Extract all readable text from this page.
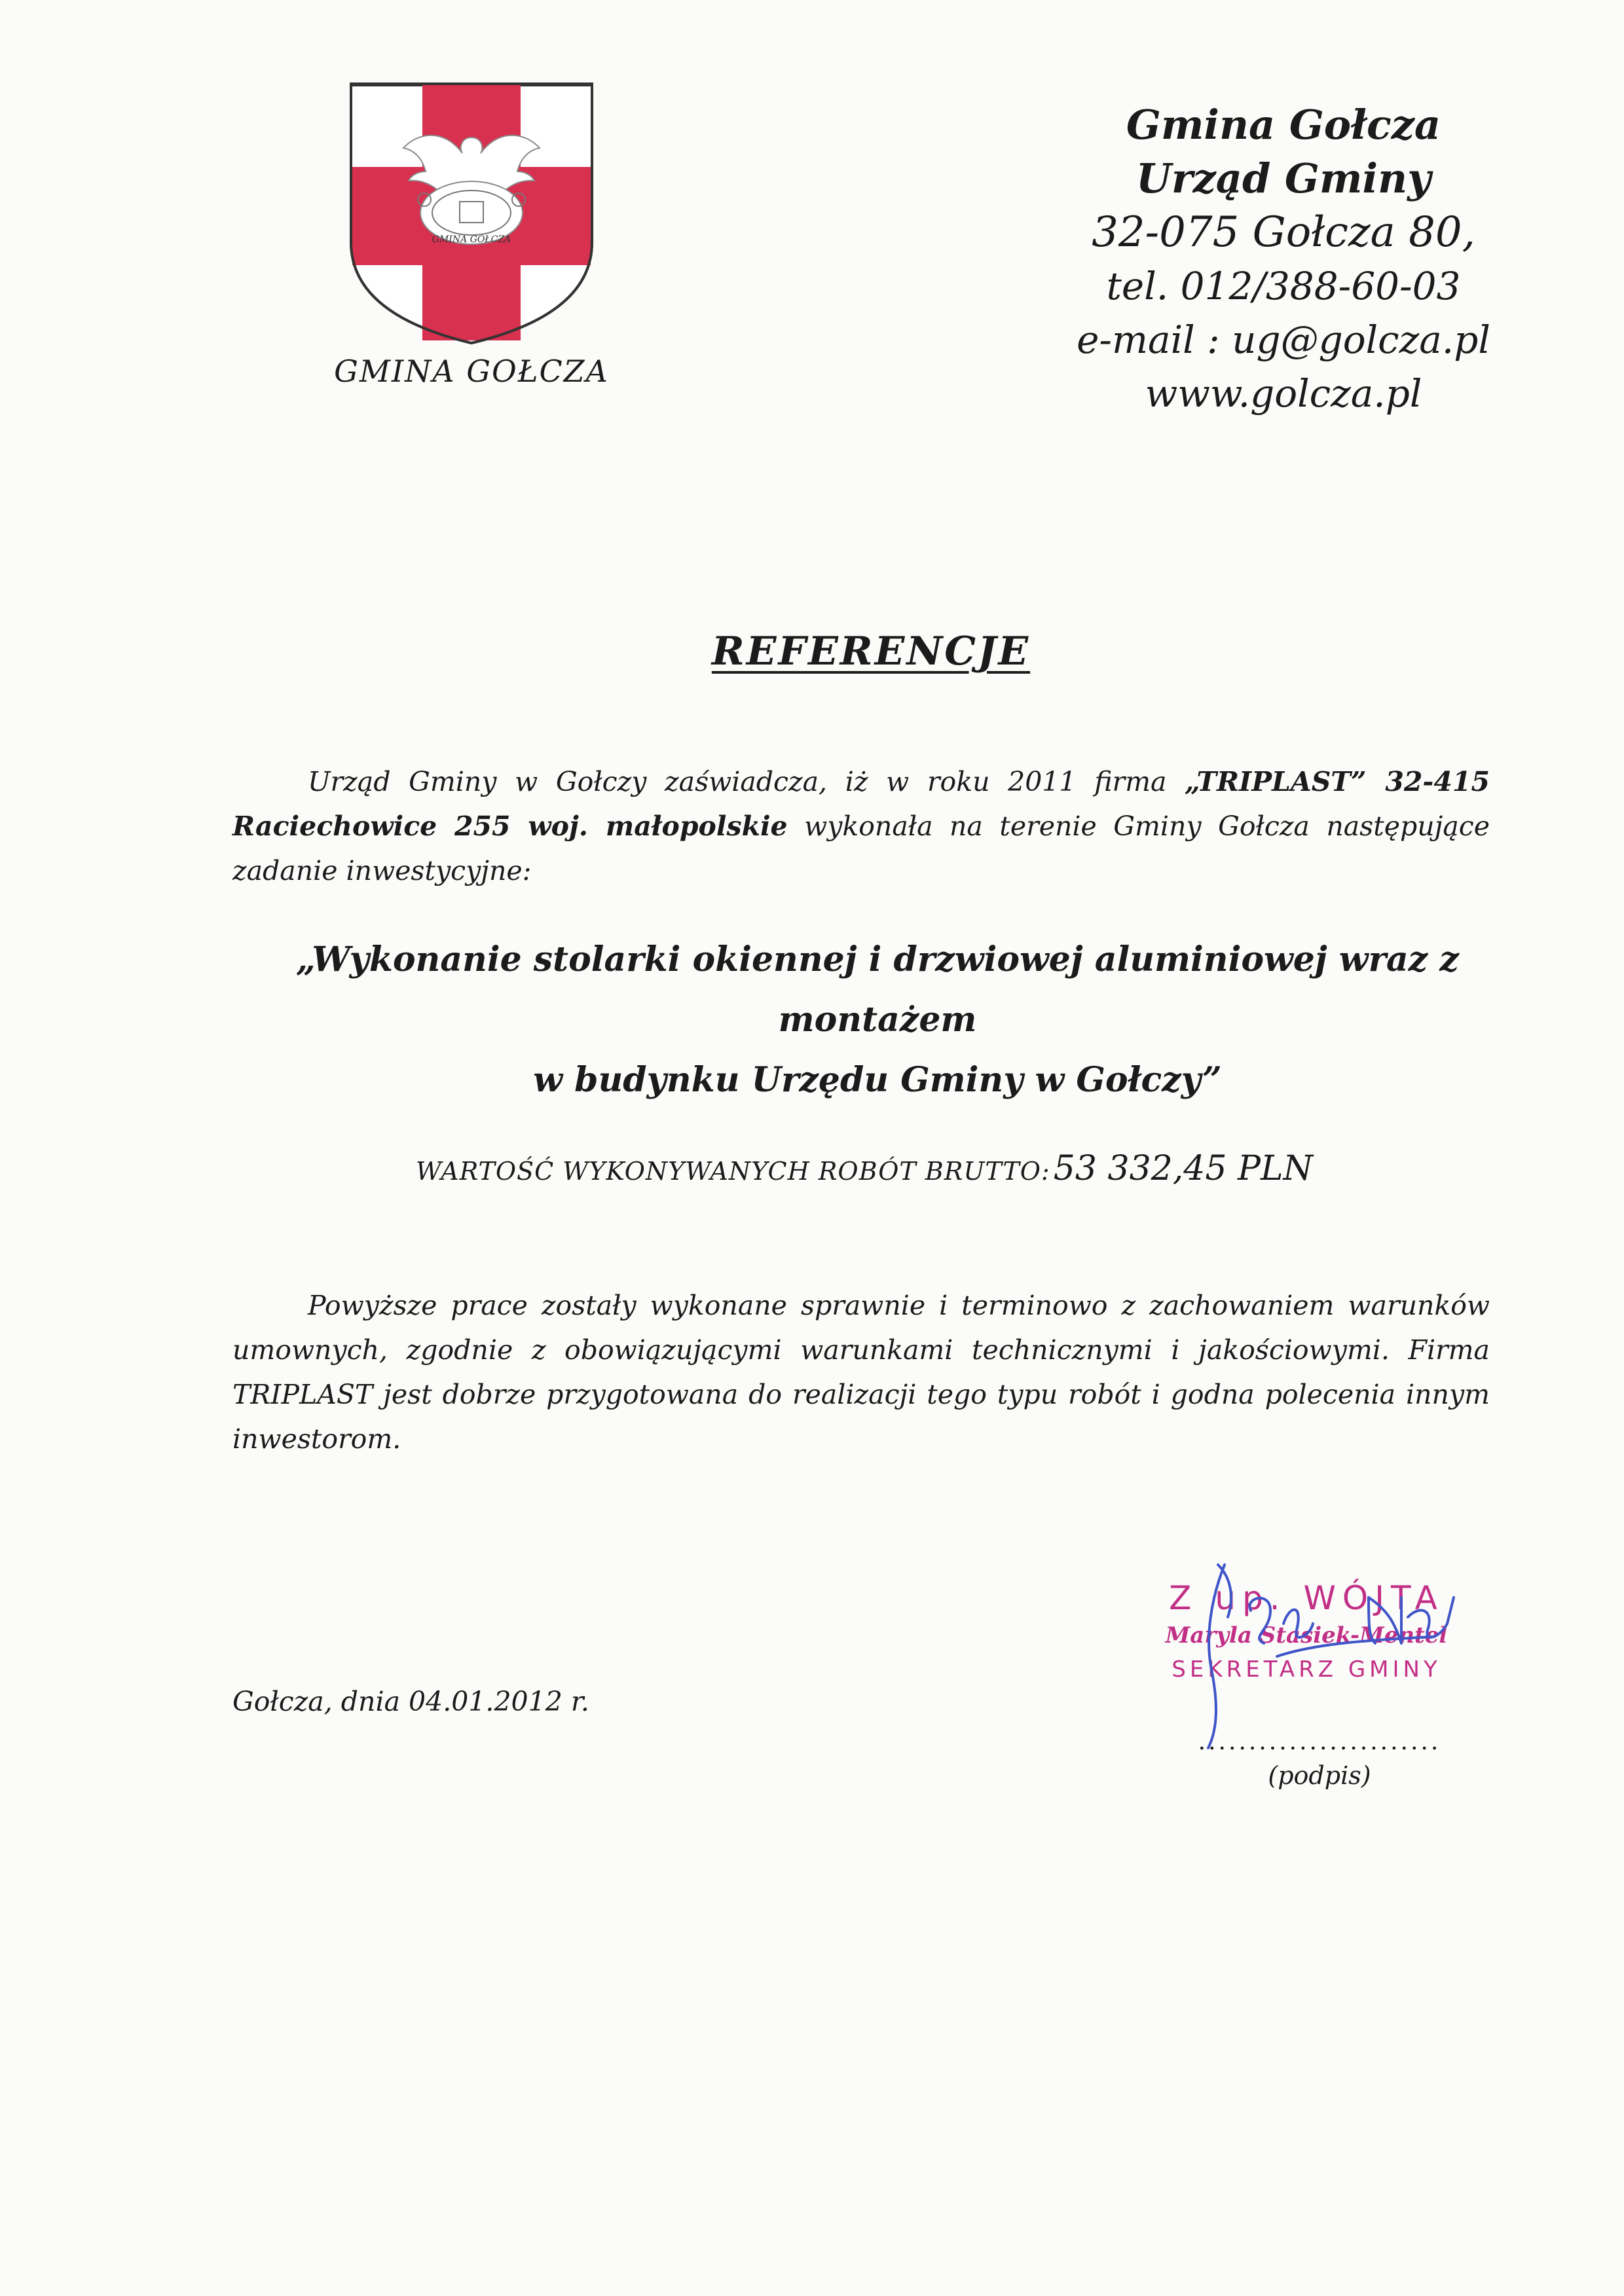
GMINA GOŁCZA
GMINA GOŁCZA
Gmina Gołcza
Urząd Gminy
32-075 Gołcza 80,
tel. 012/388-60-03
e-mail : ug@golcza.pl
www.golcza.pl
REFERENCJE
Urząd Gminy w Gołczy zaświadcza, iż w roku 2011 firma „TRIPLAST” 32-415 Raciechowice 255 woj. małopolskie wykonała na terenie Gminy Gołcza następujące zadanie inwestycyjne:
„Wykonanie stolarki okiennej i drzwiowej aluminiowej wraz z montażem
w budynku Urzędu Gminy w Gołczy”
WARTOŚĆ WYKONYWANYCH ROBÓT BRUTTO: 53 332,45 PLN
Powyższe prace zostały wykonane sprawnie i terminowo z zachowaniem warunków umownych, zgodnie z obowiązującymi warunkami technicznymi i jakościowymi. Firma TRIPLAST jest dobrze przygotowana do realizacji tego typu robót i godna polecenia innym inwestorom.
Gołcza, dnia 04.01.2012 r.
Z up. WÓJTA
Maryla Stasiek-Mentel
SEKRETARZ GMINY
........................
(podpis)
